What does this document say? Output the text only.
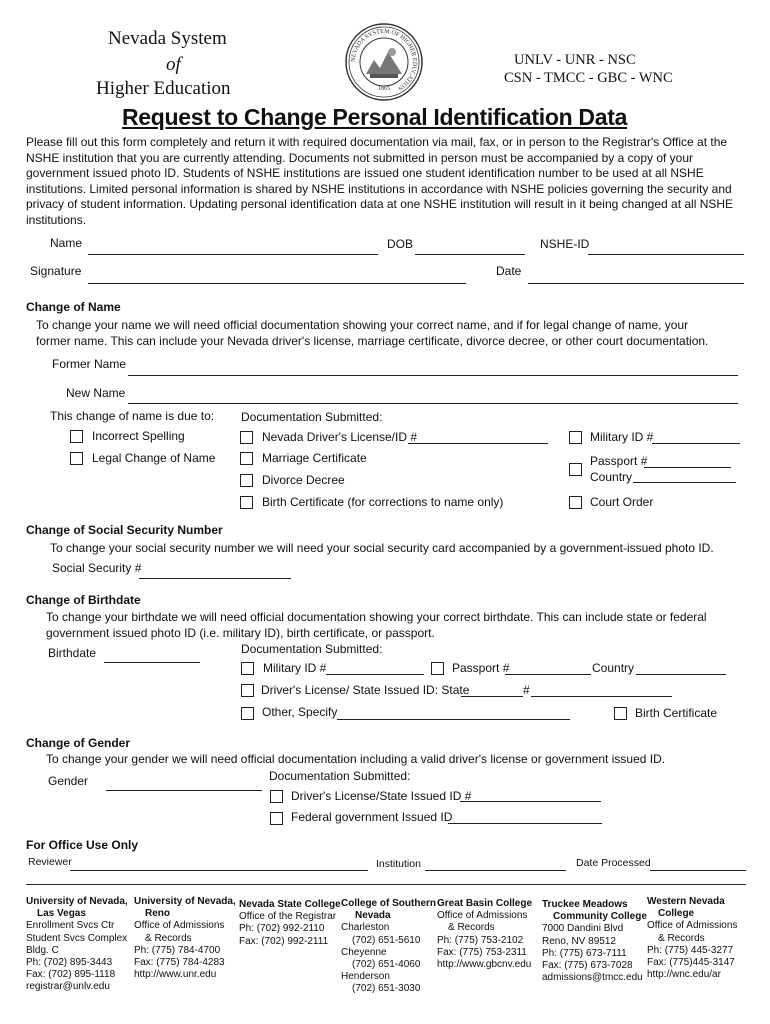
Nevada System
of
Higher Education
NEVADA SYSTEM OF HIGHER EDUCATION
1865
UNLV - UNR - NSC
CSN - TMCC - GBC - WNC
Request to Change Personal Identification Data
Please fill out this form completely and return it with required documentation via mail, fax, or in person to the Registrar's Office at the NSHE institution that you are currently attending. Documents not submitted in person must be accompanied by a copy of your government issued photo ID. Students of NSHE institutions are issued one student identification number to be used at all NSHE institutions. Limited personal information is shared by NSHE institutions in accordance with NSHE policies governing the security and privacy of student information. Updating personal identification data at one NSHE institution will result in it being changed at all NSHE institutions.
Name	DOB	NSHE-ID
Signature	Date
Change of Name
To change your name we will need official documentation showing your correct name, and if for legal change of name, your former name. This can include your Nevada driver's license, marriage certificate, divorce decree, or other court documentation.
Former Name
New Name
This change of name is due to: Documentation Submitted:
Incorrect Spelling
Legal Change of Name
Nevada Driver's License/ID #
Marriage Certificate
Divorce Decree
Birth Certificate (for corrections to name only)
Military ID #
Passport #
Country
Court Order
Change of Social Security Number
To change your social security number we will need your social security card accompanied by a government-issued photo ID.
Social Security #
Change of Birthdate
To change your birthdate we will need official documentation showing your correct birthdate. This can include state or federal government issued photo ID (i.e. military ID), birth certificate, or passport.
Birthdate	Documentation Submitted:
Military ID #	Passport #	Country
Driver's License/ State Issued ID: State	#
Other, Specify	Birth Certificate
Change of Gender
To change your gender we will need official documentation including a valid driver's license or government issued ID.
Gender	Documentation Submitted:
Driver's License/State Issued ID #
Federal government Issued ID
For Office Use Only
Reviewer	Institution	Date Processed
University of Nevada,
Las Vegas
Enrollment Svcs Ctr
Student Svcs Complex
Bldg. C
Ph: (702) 895-3443
Fax: (702) 895-1118
registrar@unlv.edu
University of Nevada,
Reno
Office of Admissions
& Records
Ph: (775) 784-4700
Fax: (775) 784-4283
http://www.unr.edu
Nevada State College
Office of the Registrar
Ph: (702) 992-2110
Fax: (702) 992-2111
College of Southern
Nevada
Charleston
(702) 651-5610
Cheyenne
(702) 651-4060
Henderson
(702) 651-3030
Great Basin College
Office of Admissions
& Records
Ph: (775) 753-2102
Fax: (775) 753-2311
http://www.gbcnv.edu
Truckee Meadows
Community College
7000 Dandini Blvd
Reno, NV 89512
Ph: (775) 673-7111
Fax: (775) 673-7028
admissions@tmcc.edu
Western Nevada
College
Office of Admissions
& Records
Ph: (775) 445-3277
Fax: (775)445-3147
http://wnc.edu/ar
